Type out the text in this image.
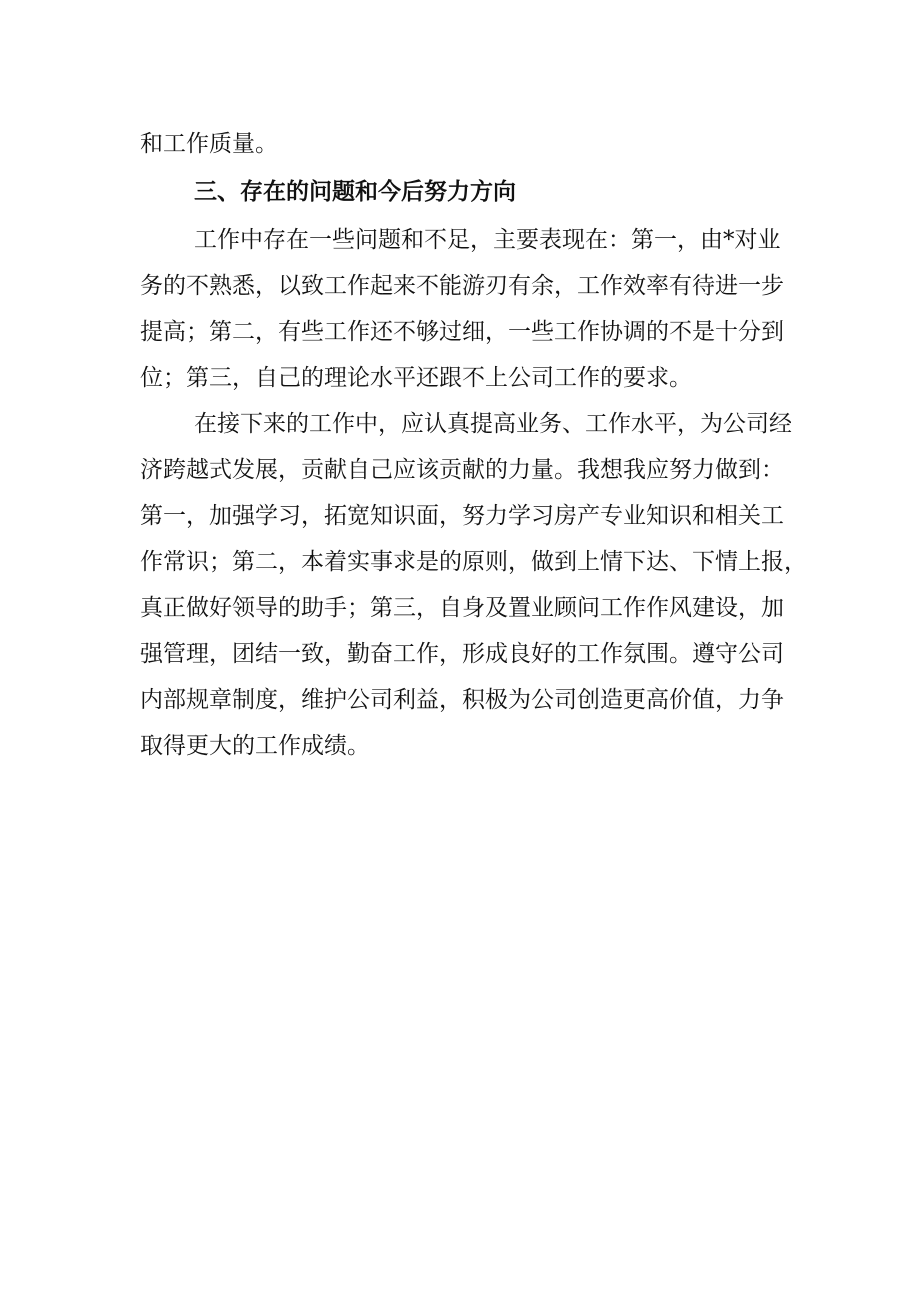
和工作质量。

三、存在的问题和今后努力方向

工作中存在一些问题和不足，主要表现在：第一，由*对业

务的不熟悉，以致工作起来不能游刃有余，工作效率有待进一步

提高；第二，有些工作还不够过细，一些工作协调的不是十分到

位；第三，自己的理论水平还跟不上公司工作的要求。

在接下来的工作中，应认真提高业务、工作水平，为公司经

济跨越式发展，贡献自己应该贡献的力量。我想我应努力做到：

第一，加强学习，拓宽知识面，努力学习房产专业知识和相关工

作常识；第二，本着实事求是的原则，做到上情下达、下情上报，

真正做好领导的助手；第三，自身及置业顾问工作作风建设，加

强管理，团结一致，勤奋工作，形成良好的工作氛围。遵守公司

内部规章制度，维护公司利益，积极为公司创造更高价值，力争

取得更大的工作成绩。
